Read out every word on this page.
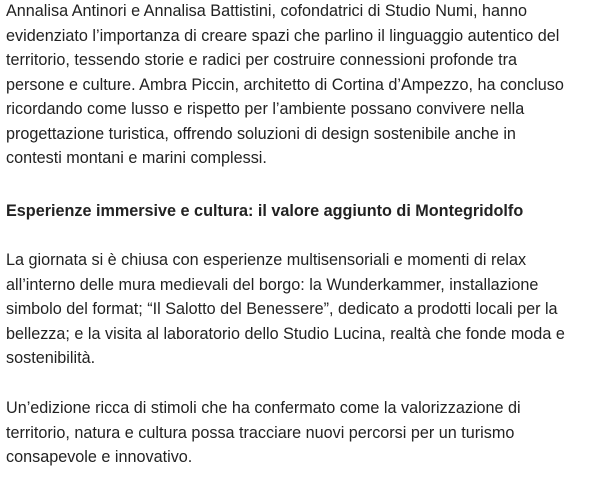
Annalisa Antinori e Annalisa Battistini, cofondatrici di Studio Numi, hanno
evidenziato l’importanza di creare spazi che parlino il linguaggio autentico del
territorio, tessendo storie e radici per costruire connessioni profonde tra
persone e culture. Ambra Piccin, architetto di Cortina d’Ampezzo, ha concluso
ricordando come lusso e rispetto per l’ambiente possano convivere nella
progettazione turistica, offrendo soluzioni di design sostenibile anche in
contesti montani e marini complessi.

Esperienze immersive e cultura: il valore aggiunto di Montegridolfo

La giornata si è chiusa con esperienze multisensoriali e momenti di relax
all’interno delle mura medievali del borgo: la Wunderkammer, installazione
simbolo del format; “Il Salotto del Benessere”, dedicato a prodotti locali per la
bellezza; e la visita al laboratorio dello Studio Lucina, realtà che fonde moda e
sostenibilità.

Un’edizione ricca di stimoli che ha confermato come la valorizzazione di
territorio, natura e cultura possa tracciare nuovi percorsi per un turismo
consapevole e innovativo.
